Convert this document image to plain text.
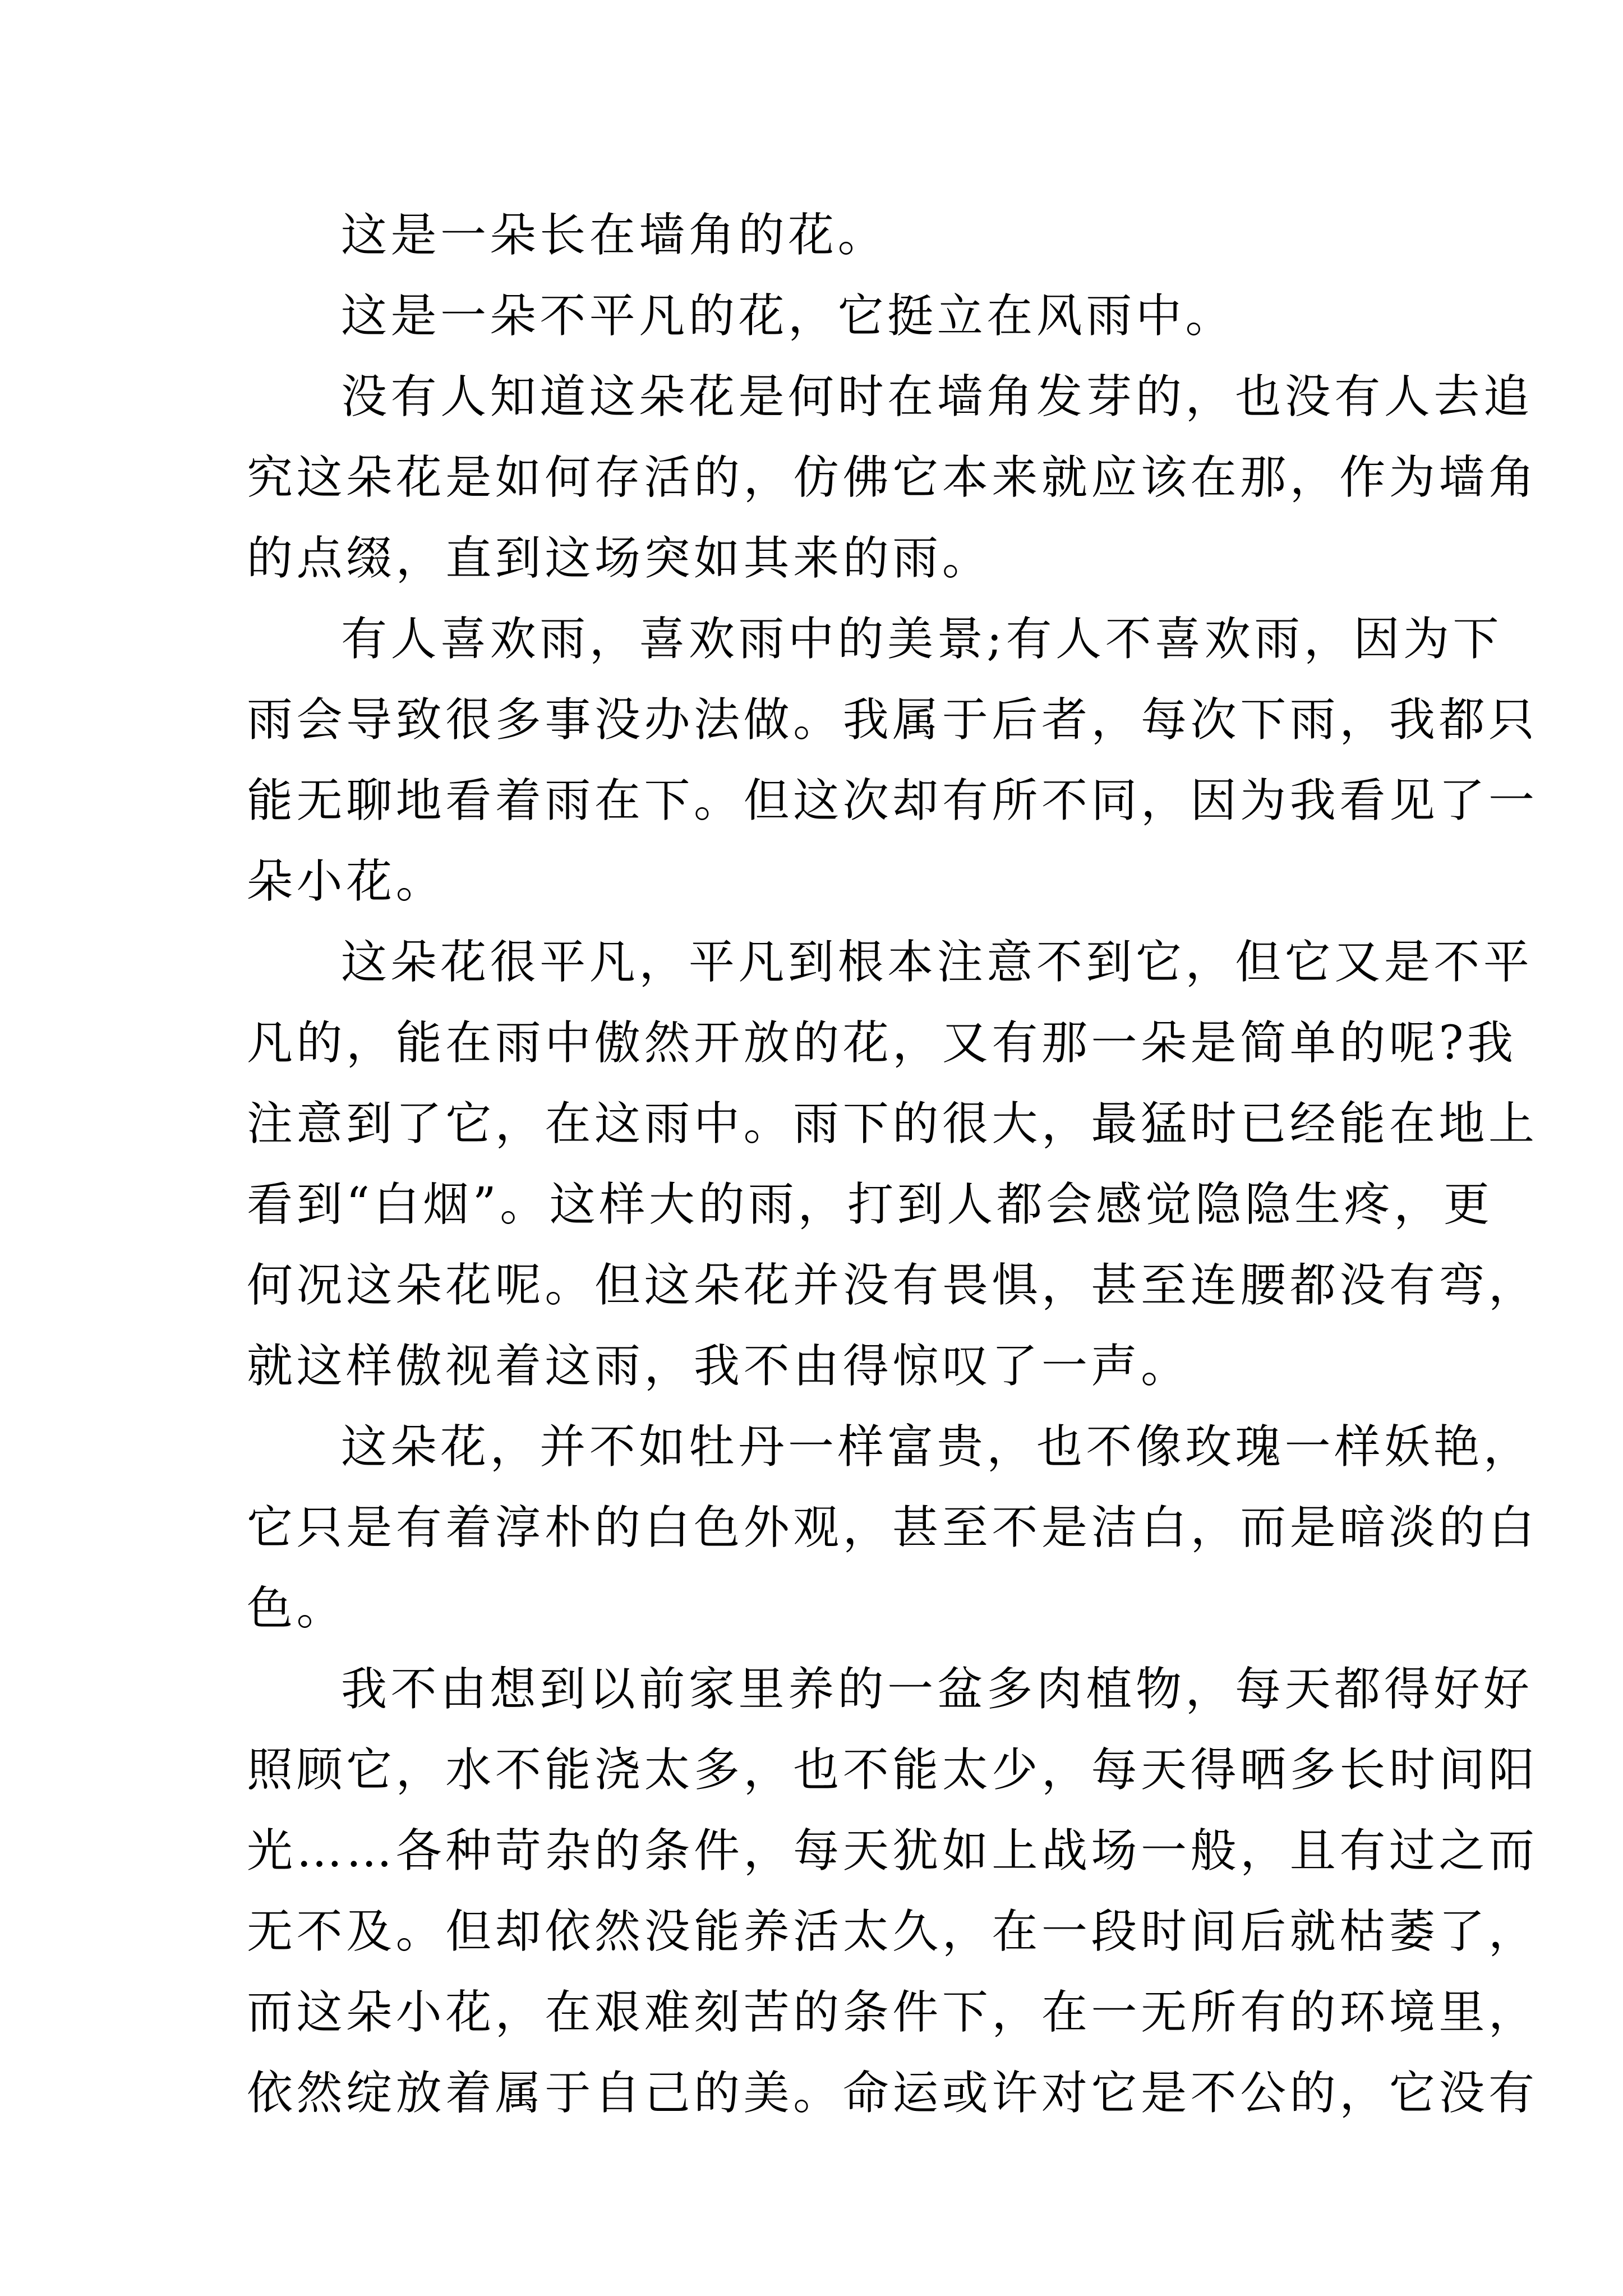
这是一朵长在墙角的花。
这是一朵不平凡的花，它挺立在风雨中。
没有人知道这朵花是何时在墙角发芽的，也没有人去追
究这朵花是如何存活的，仿佛它本来就应该在那，作为墙角
的点缀，直到这场突如其来的雨。
有人喜欢雨，喜欢雨中的美景;有人不喜欢雨，因为下
雨会导致很多事没办法做。我属于后者，每次下雨，我都只
能无聊地看着雨在下。但这次却有所不同，因为我看见了一
朵小花。
这朵花很平凡，平凡到根本注意不到它，但它又是不平
凡的，能在雨中傲然开放的花，又有那一朵是简单的呢?我
注意到了它，在这雨中。雨下的很大，最猛时已经能在地上
看到“白烟”。这样大的雨，打到人都会感觉隐隐生疼，更
何况这朵花呢。但这朵花并没有畏惧，甚至连腰都没有弯，
就这样傲视着这雨，我不由得惊叹了一声。
这朵花，并不如牡丹一样富贵，也不像玫瑰一样妖艳，
它只是有着淳朴的白色外观，甚至不是洁白，而是暗淡的白
色。
我不由想到以前家里养的一盆多肉植物，每天都得好好
照顾它，水不能浇太多，也不能太少，每天得晒多长时间阳
光……各种苛杂的条件，每天犹如上战场一般，且有过之而
无不及。但却依然没能养活太久，在一段时间后就枯萎了，
而这朵小花，在艰难刻苦的条件下，在一无所有的环境里，
依然绽放着属于自己的美。命运或许对它是不公的，它没有
